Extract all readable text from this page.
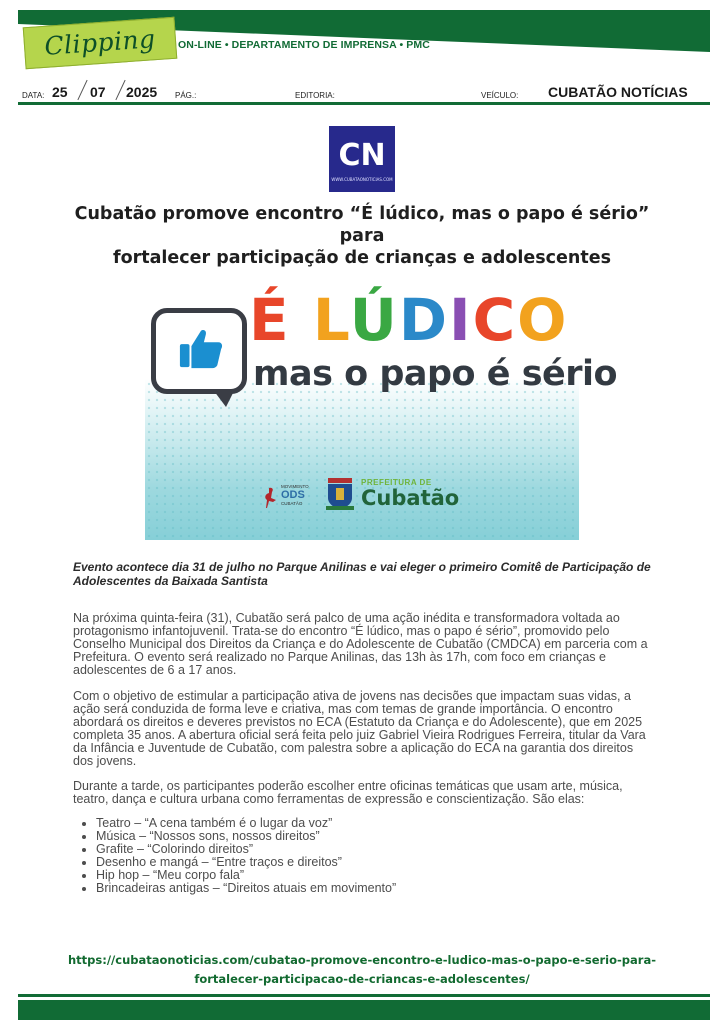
Clipping	ON-LINE • DEPARTAMENTO DE IMPRENSA • PMC
DATA: 25 07 2025 PÁG.:	EDITORIA:	VEÍCULO: CUBATÃO NOTÍCIAS
CN
WWW.CUBATAONOTICIAS.COM
Cubatão promove encontro “É lúdico, mas o papo é sério” para
fortalecer participação de crianças e adolescentes
É LÚDICO
mas o papo é sério
MOVIMENTO
ODS
CUBATÃO
PREFEITURA DE
Cubatão
Evento acontece dia 31 de julho no Parque Anilinas e vai eleger o primeiro Comitê de Participação de Adolescentes da Baixada Santista

Na próxima quinta-feira (31), Cubatão será palco de uma ação inédita e transformadora voltada ao protagonismo infantojuvenil. Trata-se do encontro “É lúdico, mas o papo é sério”, promovido pelo Conselho Municipal dos Direitos da Criança e do Adolescente de Cubatão (CMDCA) em parceria com a Prefeitura. O evento será realizado no Parque Anilinas, das 13h às 17h, com foco em crianças e adolescentes de 6 a 17 anos.

Com o objetivo de estimular a participação ativa de jovens nas decisões que impactam suas vidas, a ação será conduzida de forma leve e criativa, mas com temas de grande importância. O encontro abordará os direitos e deveres previstos no ECA (Estatuto da Criança e do Adolescente), que em 2025 completa 35 anos. A abertura oficial será feita pelo juiz Gabriel Vieira Rodrigues Ferreira, titular da Vara da Infância e Juventude de Cubatão, com palestra sobre a aplicação do ECA na garantia dos direitos dos jovens.

Durante a tarde, os participantes poderão escolher entre oficinas temáticas que usam arte, música, teatro, dança e cultura urbana como ferramentas de expressão e conscientização. São elas:

• Teatro – “A cena também é o lugar da voz”
• Música – “Nossos sons, nossos direitos”
• Grafite – “Colorindo direitos”
• Desenho e mangá – “Entre traços e direitos”
• Hip hop – “Meu corpo fala”
• Brincadeiras antigas – “Direitos atuais em movimento”
https://cubataonoticias.com/cubatao-promove-encontro-e-ludico-mas-o-papo-e-serio-para-
fortalecer-participacao-de-criancas-e-adolescentes/
